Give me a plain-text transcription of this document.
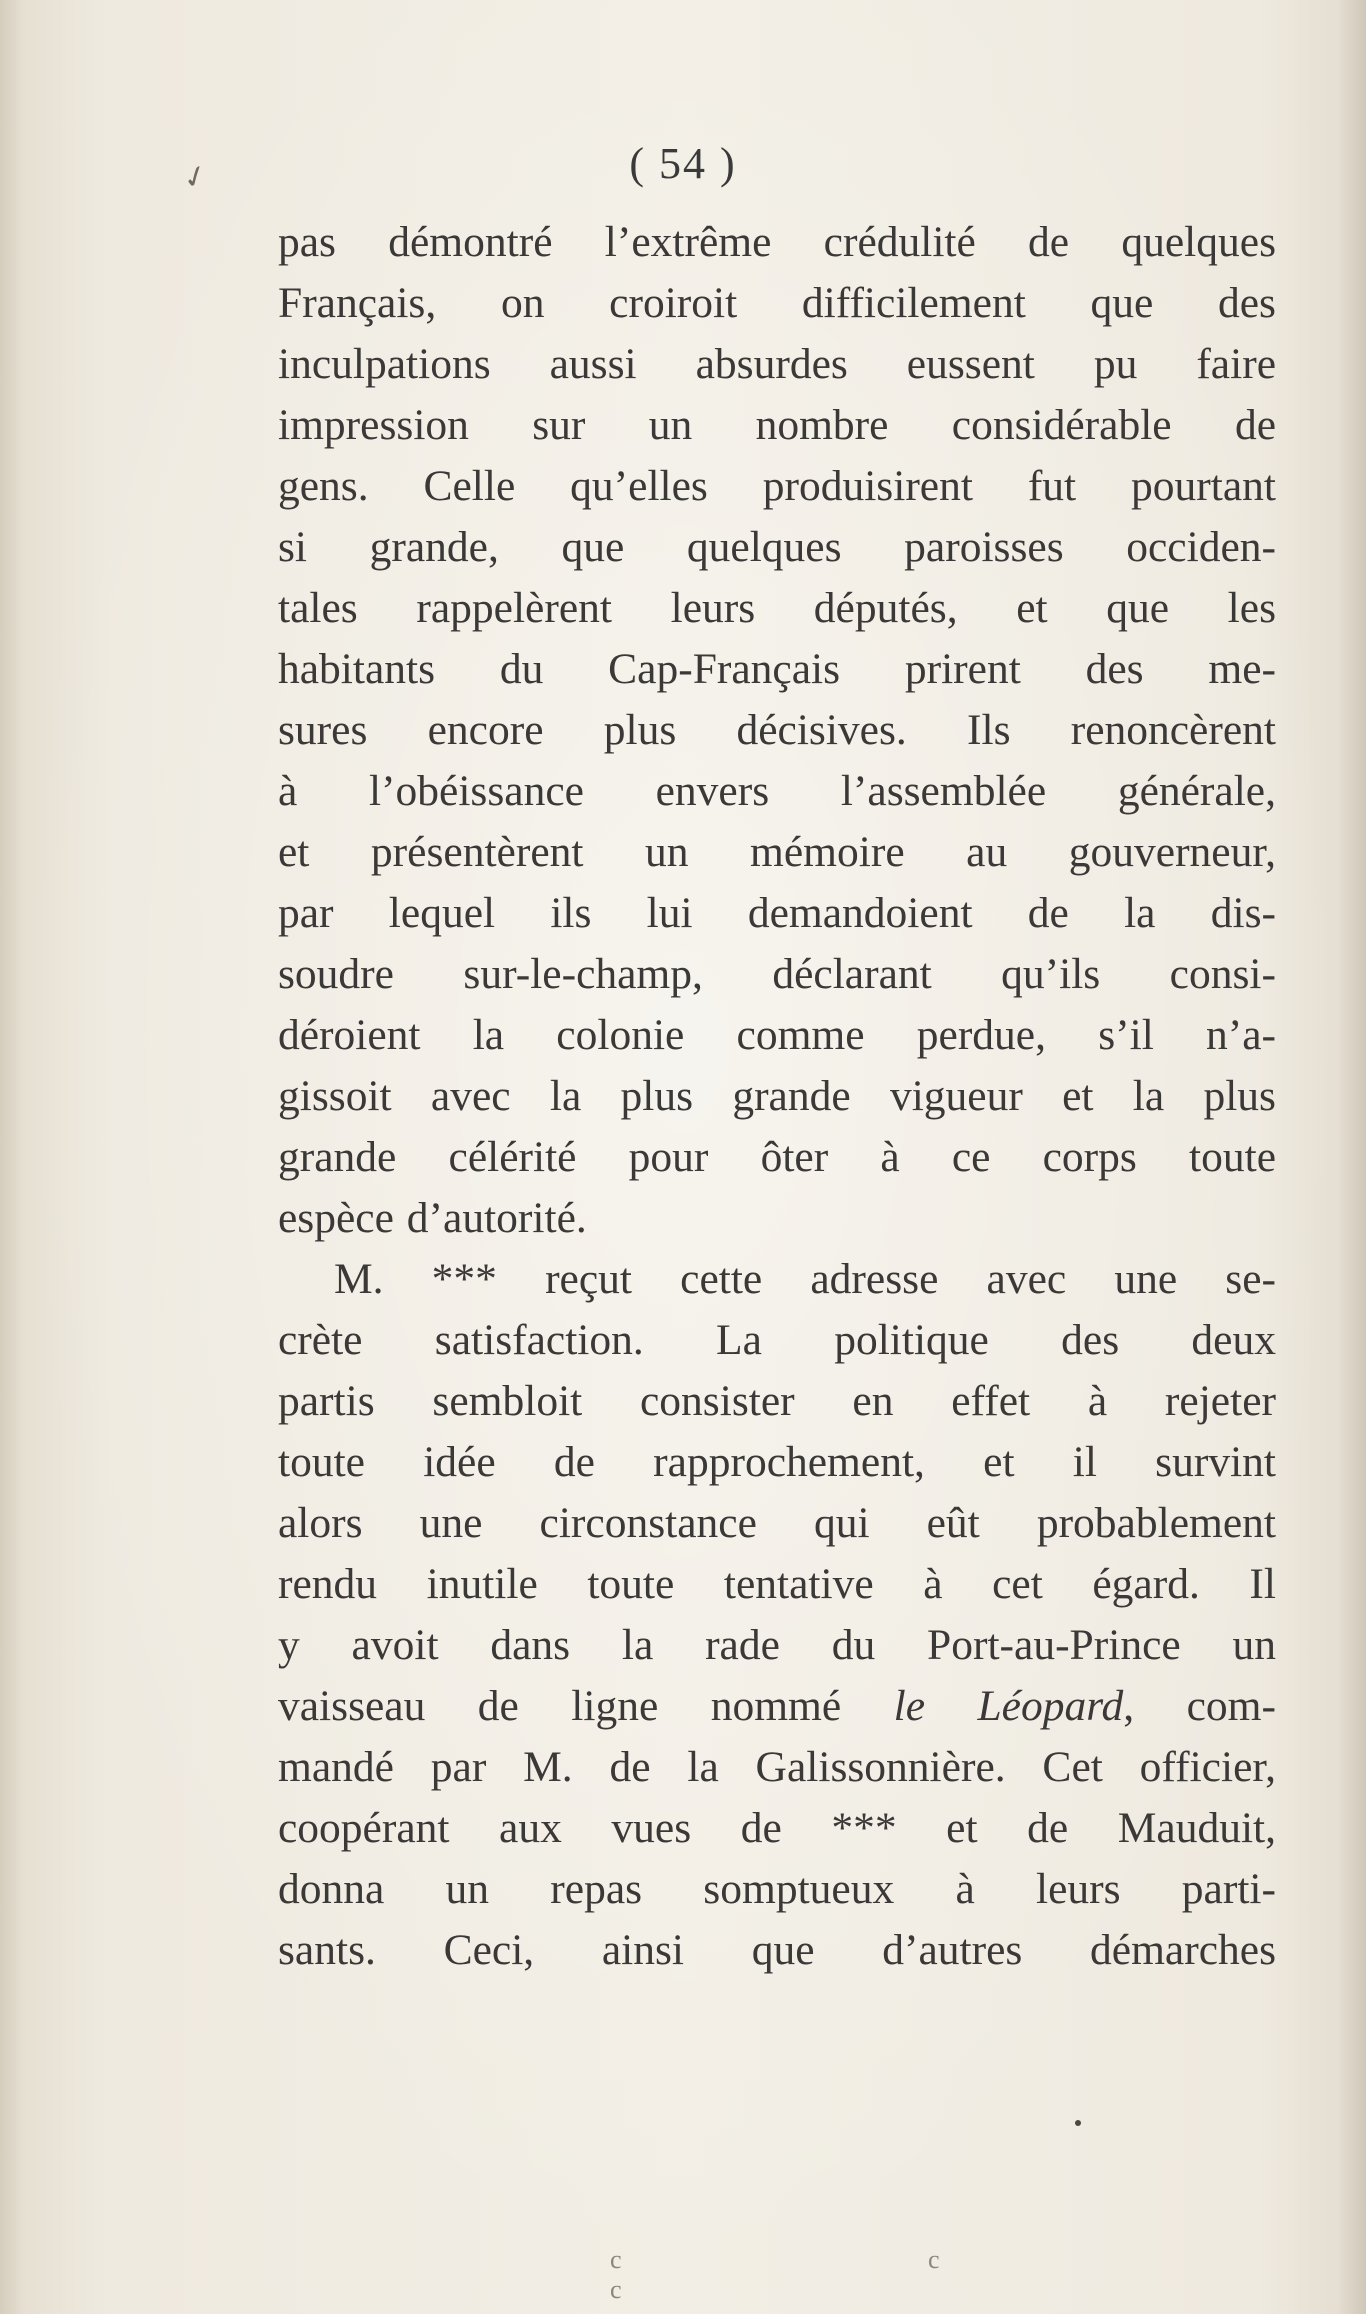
✓	( 54 )
pas démontré l’extrême crédulité de quelques
Français, on croiroit difficilement que des
inculpations aussi absurdes eussent pu faire
impression sur un nombre considérable de
gens. Celle qu’elles produisirent fut pourtant
si grande, que quelques paroisses occiden-
tales rappelèrent leurs députés, et que les
habitants du Cap-Français prirent des me-
sures encore plus décisives. Ils renoncèrent
à l’obéissance envers l’assemblée générale,
et présentèrent un mémoire au gouverneur,
par lequel ils lui demandoient de la dis-
soudre sur-le-champ, déclarant qu’ils consi-
déroient la colonie comme perdue, s’il n’a-
gissoit avec la plus grande vigueur et la plus
grande célérité pour ôter à ce corps toute
espèce d’autorité.
M. *** reçut cette adresse avec une se-
crète satisfaction. La politique des deux
partis sembloit consister en effet à rejeter
toute idée de rapprochement, et il survint
alors une circonstance qui eût probablement
rendu inutile toute tentative à cet égard. Il
y avoit dans la rade du Port-au-Prince un
vaisseau de ligne nommé le Léopard, com-
mandé par M. de la Galissonnière. Cet officier,
coopérant aux vues de *** et de Mauduit,
donna un repas somptueux à leurs parti-
sants. Ceci, ainsi que d’autres démarches
c c c
